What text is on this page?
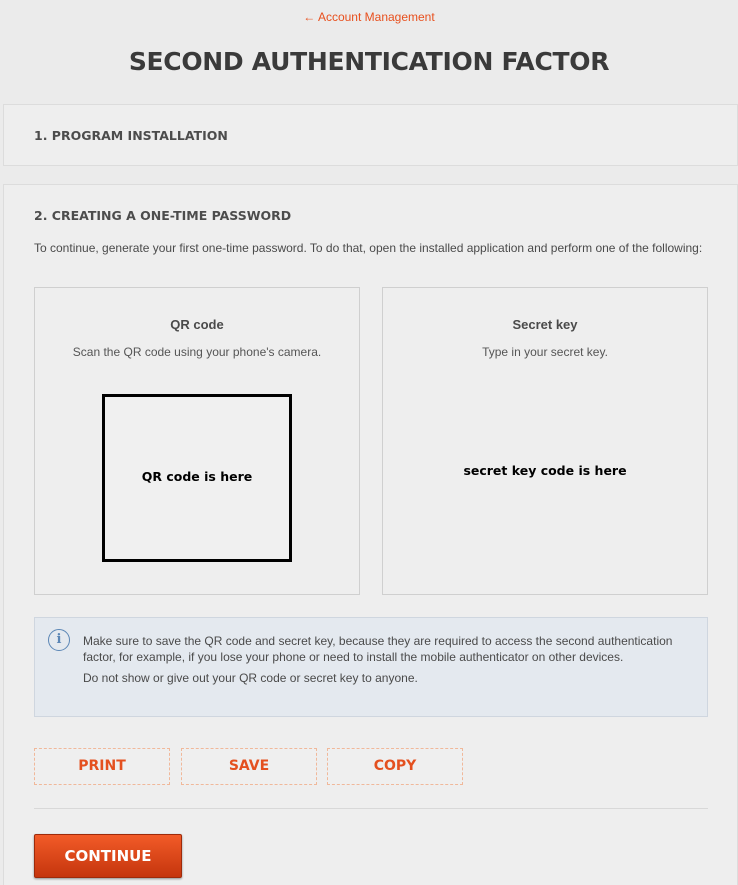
← Account Management
SECOND AUTHENTICATION FACTOR
1. PROGRAM INSTALLATION
2. CREATING A ONE-TIME PASSWORD
To continue, generate your first one-time password. To do that, open the installed application and perform one of the following:
QR code
Scan the QR code using your phone's camera.
QR code is here
Secret key
Type in your secret key.
secret key code is here
i	Make sure to save the QR code and secret key, because they are required to access the second authentication factor, for example, if you lose your phone or need to install the mobile authenticator on other devices.

Do not show or give out your QR code or secret key to anyone.

PRINT	SAVE	COPY
CONTINUE
